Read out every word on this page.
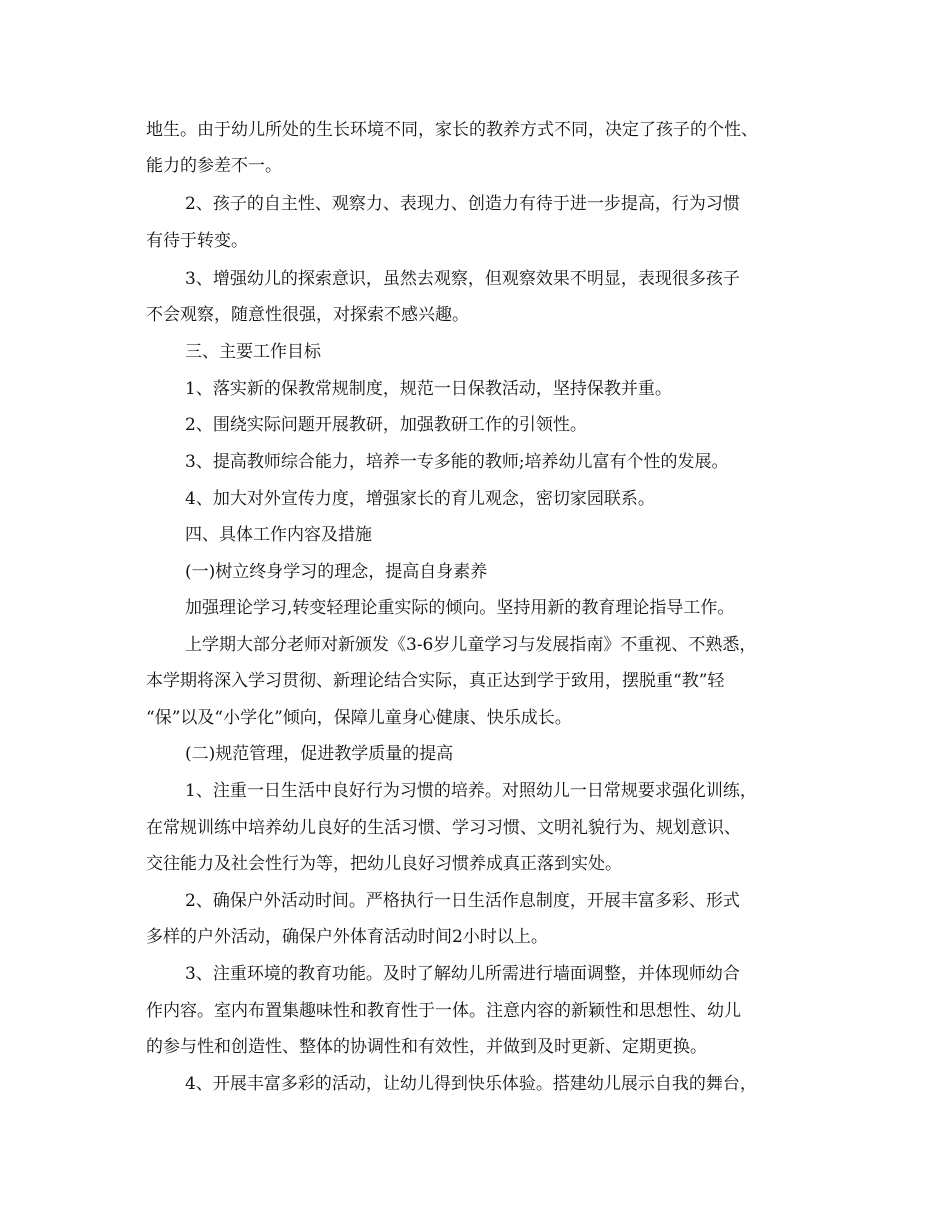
地生。由于幼儿所处的生长环境不同，家长的教养方式不同，决定了孩子的个性、

能力的参差不一。

2、孩子的自主性、观察力、表现力、创造力有待于进一步提高，行为习惯

有待于转变。

3、增强幼儿的探索意识，虽然去观察，但观察效果不明显，表现很多孩子

不会观察，随意性很强，对探索不感兴趣。

三、主要工作目标

1、落实新的保教常规制度，规范一日保教活动，坚持保教并重。

2、围绕实际问题开展教研，加强教研工作的引领性。

3、提高教师综合能力，培养一专多能的教师;培养幼儿富有个性的发展。

4、加大对外宣传力度，增强家长的育儿观念，密切家园联系。

四、具体工作内容及措施

(一)树立终身学习的理念，提高自身素养

加强理论学习,转变轻理论重实际的倾向。坚持用新的教育理论指导工作。

上学期大部分老师对新颁发《3-6岁儿童学习与发展指南》不重视、不熟悉，

本学期将深入学习贯彻、新理论结合实际，真正达到学于致用，摆脱重“教”轻

“保”以及“小学化”倾向，保障儿童身心健康、快乐成长。

(二)规范管理，促进教学质量的提高

1、注重一日生活中良好行为习惯的培养。对照幼儿一日常规要求强化训练，

在常规训练中培养幼儿良好的生活习惯、学习习惯、文明礼貌行为、规划意识、

交往能力及社会性行为等，把幼儿良好习惯养成真正落到实处。

2、确保户外活动时间。严格执行一日生活作息制度，开展丰富多彩、形式

多样的户外活动，确保户外体育活动时间2小时以上。

3、注重环境的教育功能。及时了解幼儿所需进行墙面调整，并体现师幼合

作内容。室内布置集趣味性和教育性于一体。注意内容的新颖性和思想性、幼儿

的参与性和创造性、整体的协调性和有效性，并做到及时更新、定期更换。

4、开展丰富多彩的活动，让幼儿得到快乐体验。搭建幼儿展示自我的舞台，
